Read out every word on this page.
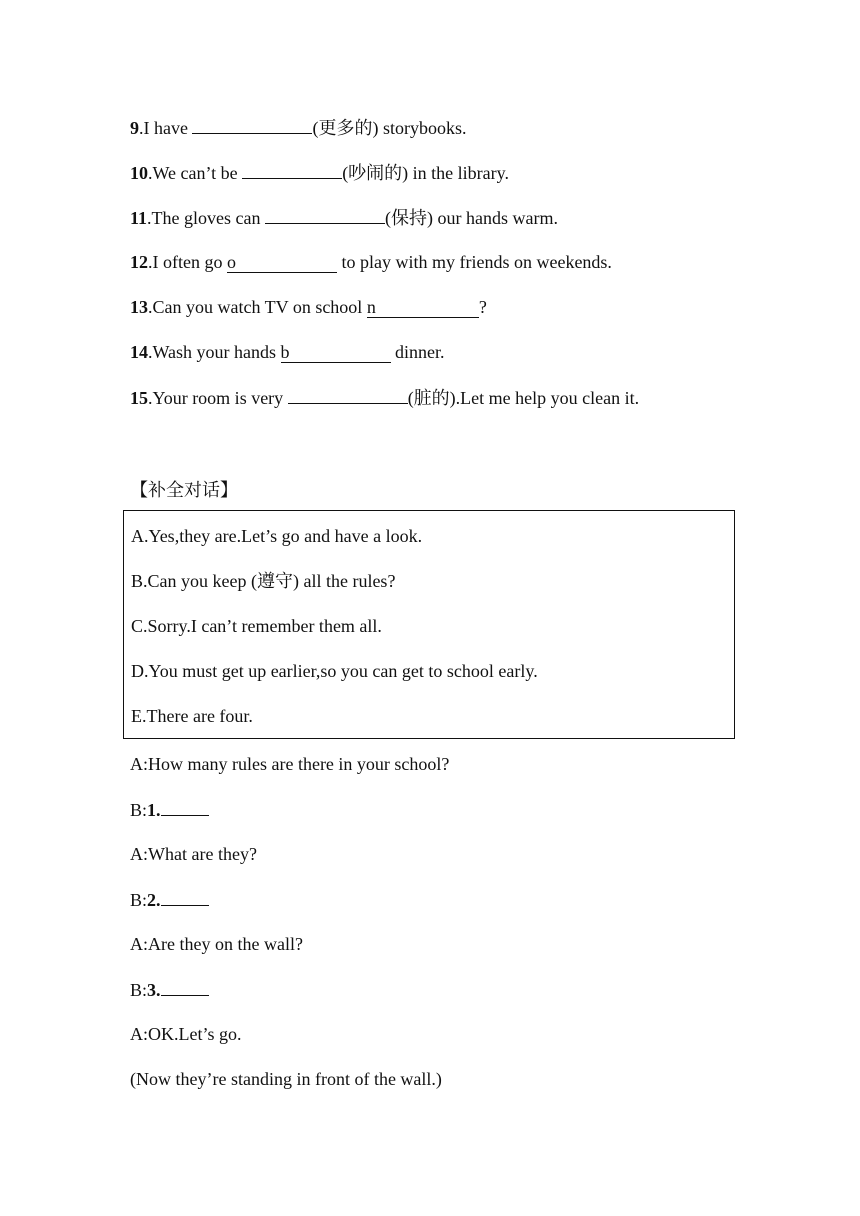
9.I have	(更多的) storybooks.
10.We can’t be	(吵闹的) in the library.
11.The gloves can	(保持) our hands warm.
12.I often go o	to play with my friends on weekends.
13.Can you watch TV on school n	?
14.Wash your hands b	dinner.
15.Your room is very	(脏的).Let me help you clean it.
【补全对话】
A.Yes,they are.Let’s go and have a look.
B.Can you keep (遵守) all the rules?
C.Sorry.I can’t remember them all.
D.You must get up earlier,so you can get to school early.
E.There are four.
A:How many rules are there in your school?
B:1.
A:What are they?
B:2.
A:Are they on the wall?
B:3.
A:OK.Let’s go.
(Now they’re standing in front of the wall.)
